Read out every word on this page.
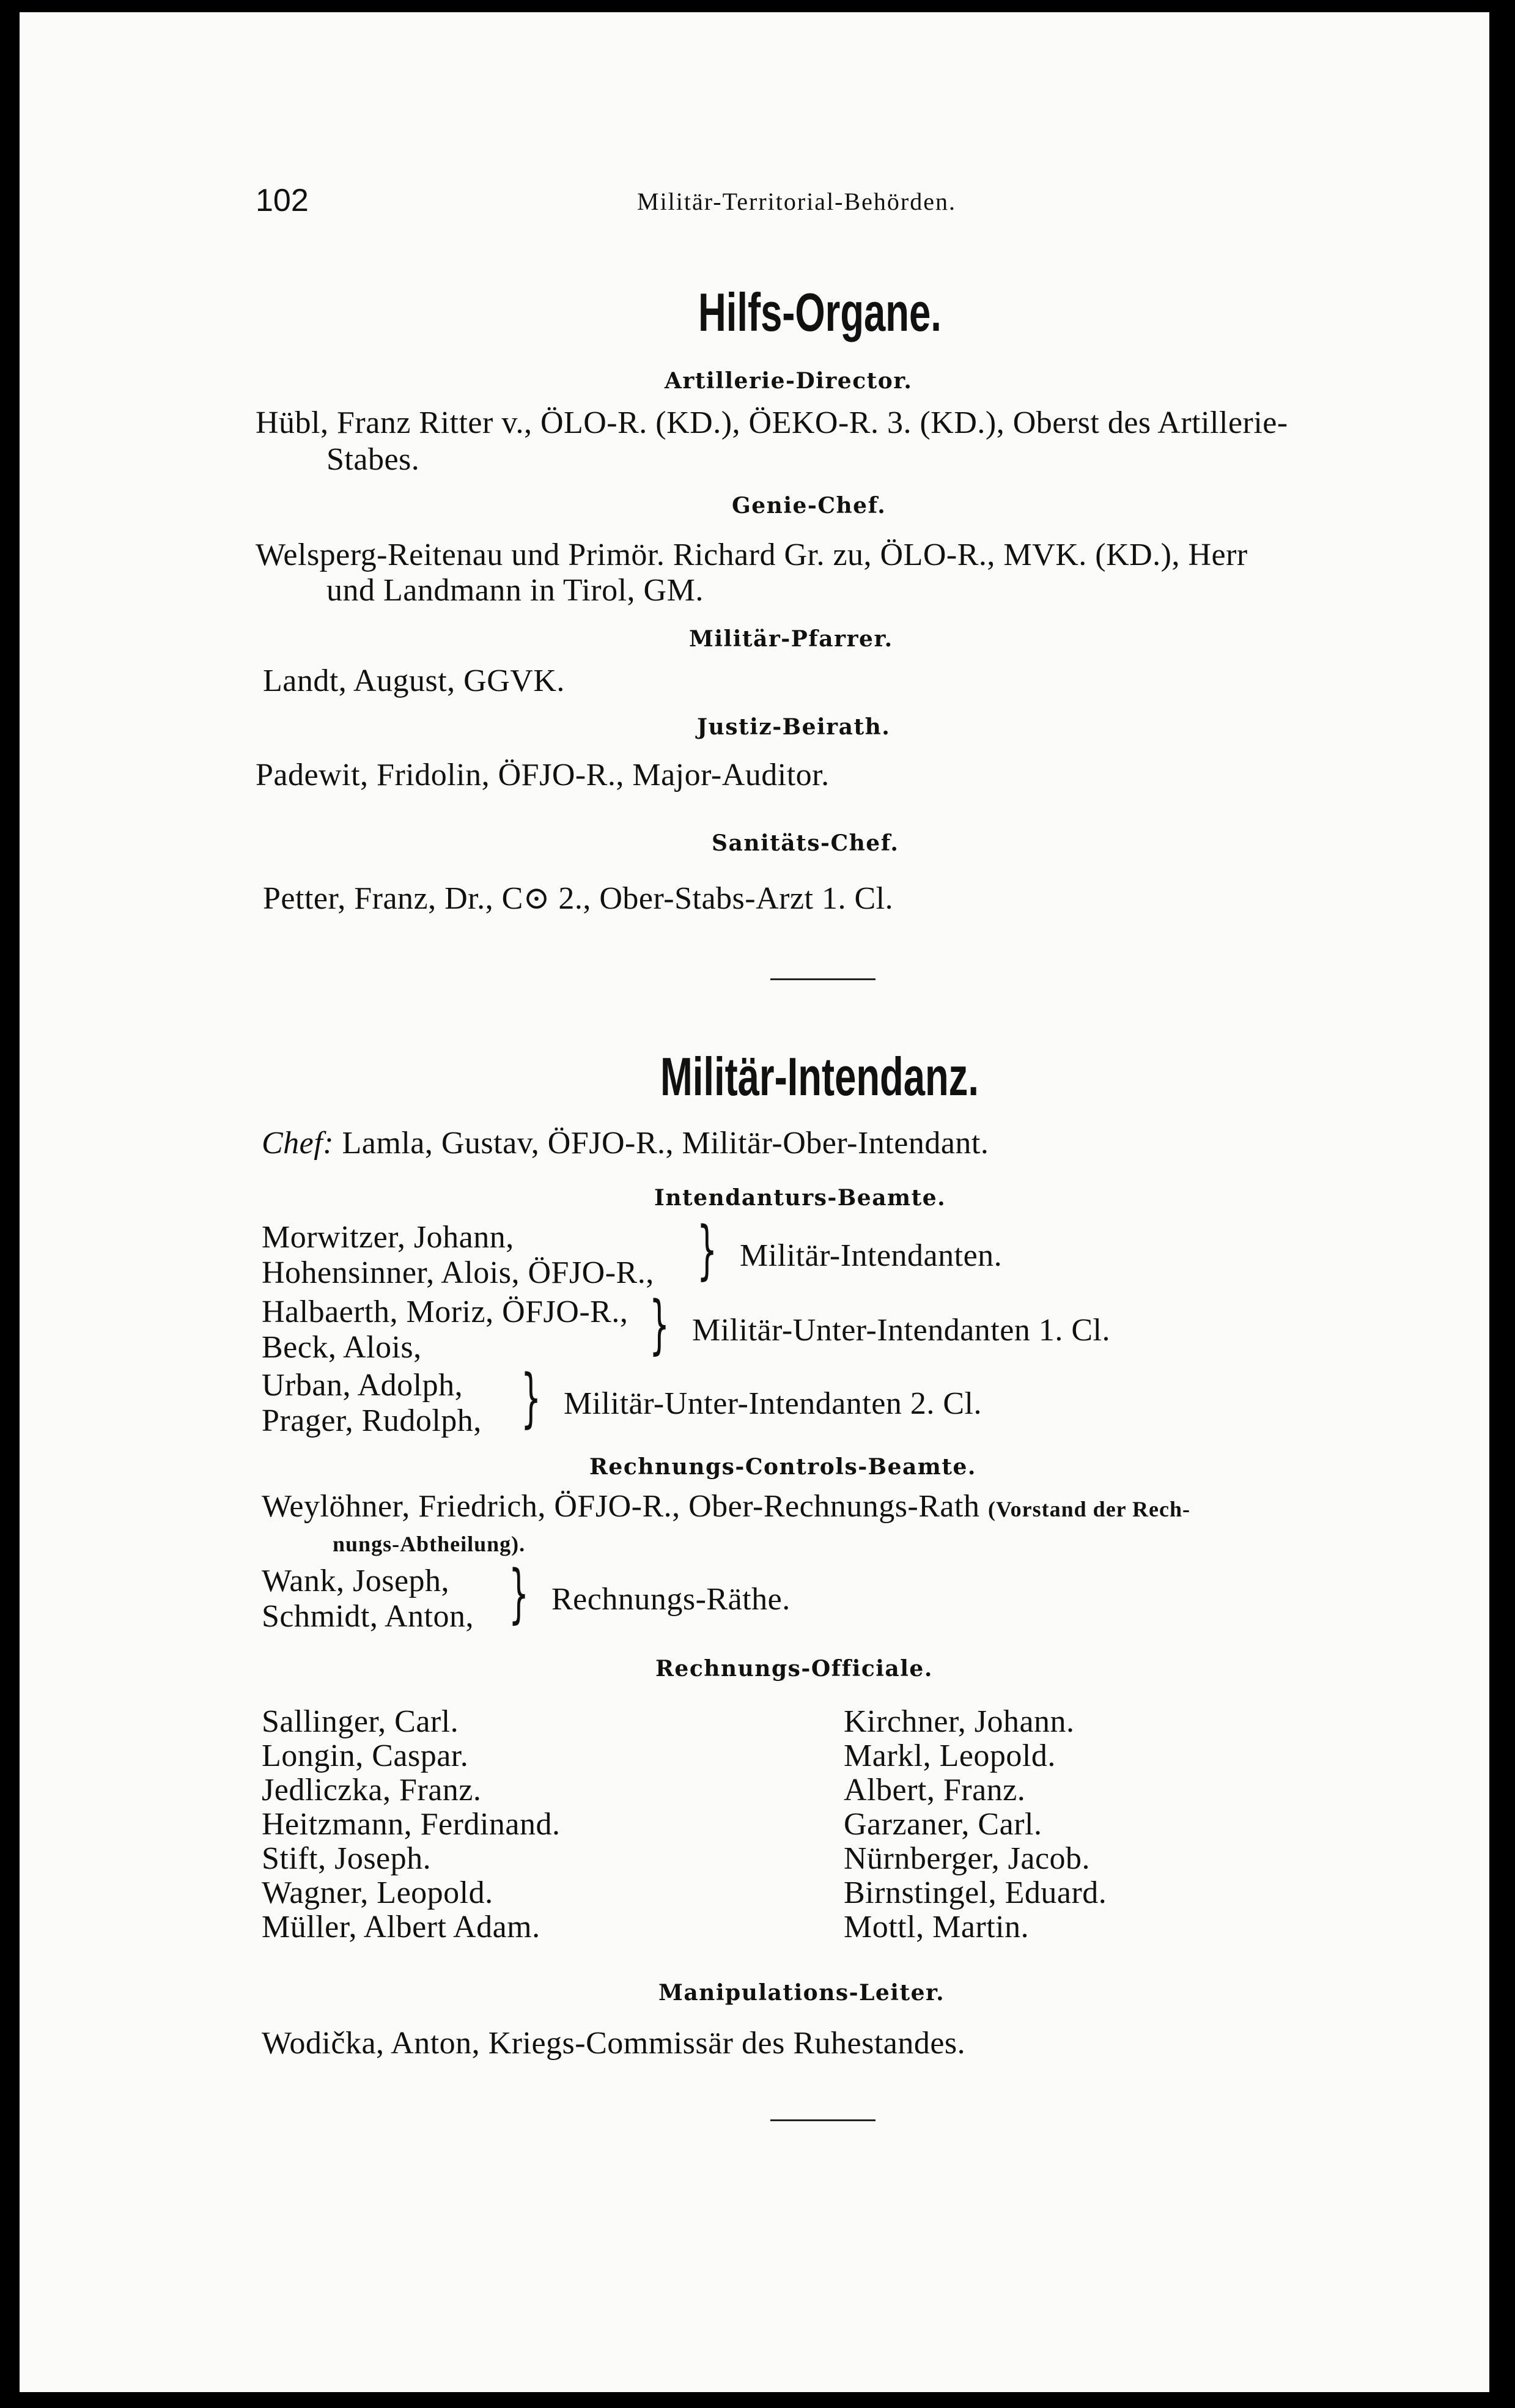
102	Militär-Territorial-Behörden.
Hilfs-Organe.
Artillerie-Director.
Hübl, Franz Ritter v., ÖLO-R. (KD.), ÖEKO-R. 3. (KD.), Oberst des Artillerie-
Stabes.
Genie-Chef.
Welsperg-Reitenau und Primör. Richard Gr. zu, ÖLO-R., MVK. (KD.), Herr
und Landmann in Tirol, GM.
Militär-Pfarrer.
Landt, August, GGVK.
Justiz-Beirath.
Padewit, Fridolin, ÖFJO-R., Major-Auditor.
Sanitäts-Chef.
Petter, Franz, Dr., C⊙ 2., Ober-Stabs-Arzt 1. Cl.
Militär-Intendanz.
Chef: Lamla, Gustav, ÖFJO-R., Militär-Ober-Intendant.
Intendanturs-Beamte.
Morwitzer, Johann,
Hohensinner, Alois, ÖFJO-R., } Militär-Intendanten.
Halbaerth, Moriz, ÖFJO-R.,
Beck, Alois,	} Militär-Unter-Intendanten 1. Cl.
Urban, Adolph,
Prager, Rudolph, } Militär-Unter-Intendanten 2. Cl.
Rechnungs-Controls-Beamte.
Weylöhner, Friedrich, ÖFJO-R., Ober-Rechnungs-Rath (Vorstand der Rech-
nungs-Abtheilung).
Wank, Joseph,
Schmidt, Anton, } Rechnungs-Räthe.
Rechnungs-Officiale.
Sallinger, Carl.
Longin, Caspar.
Jedliczka, Franz.
Heitzmann, Ferdinand.
Stift, Joseph.
Wagner, Leopold.
Müller, Albert Adam.
Kirchner, Johann.
Markl, Leopold.
Albert, Franz.
Garzaner, Carl.
Nürnberger, Jacob.
Birnstingel, Eduard.
Mottl, Martin.
Manipulations-Leiter.
Wodička, Anton, Kriegs-Commissär des Ruhestandes.
